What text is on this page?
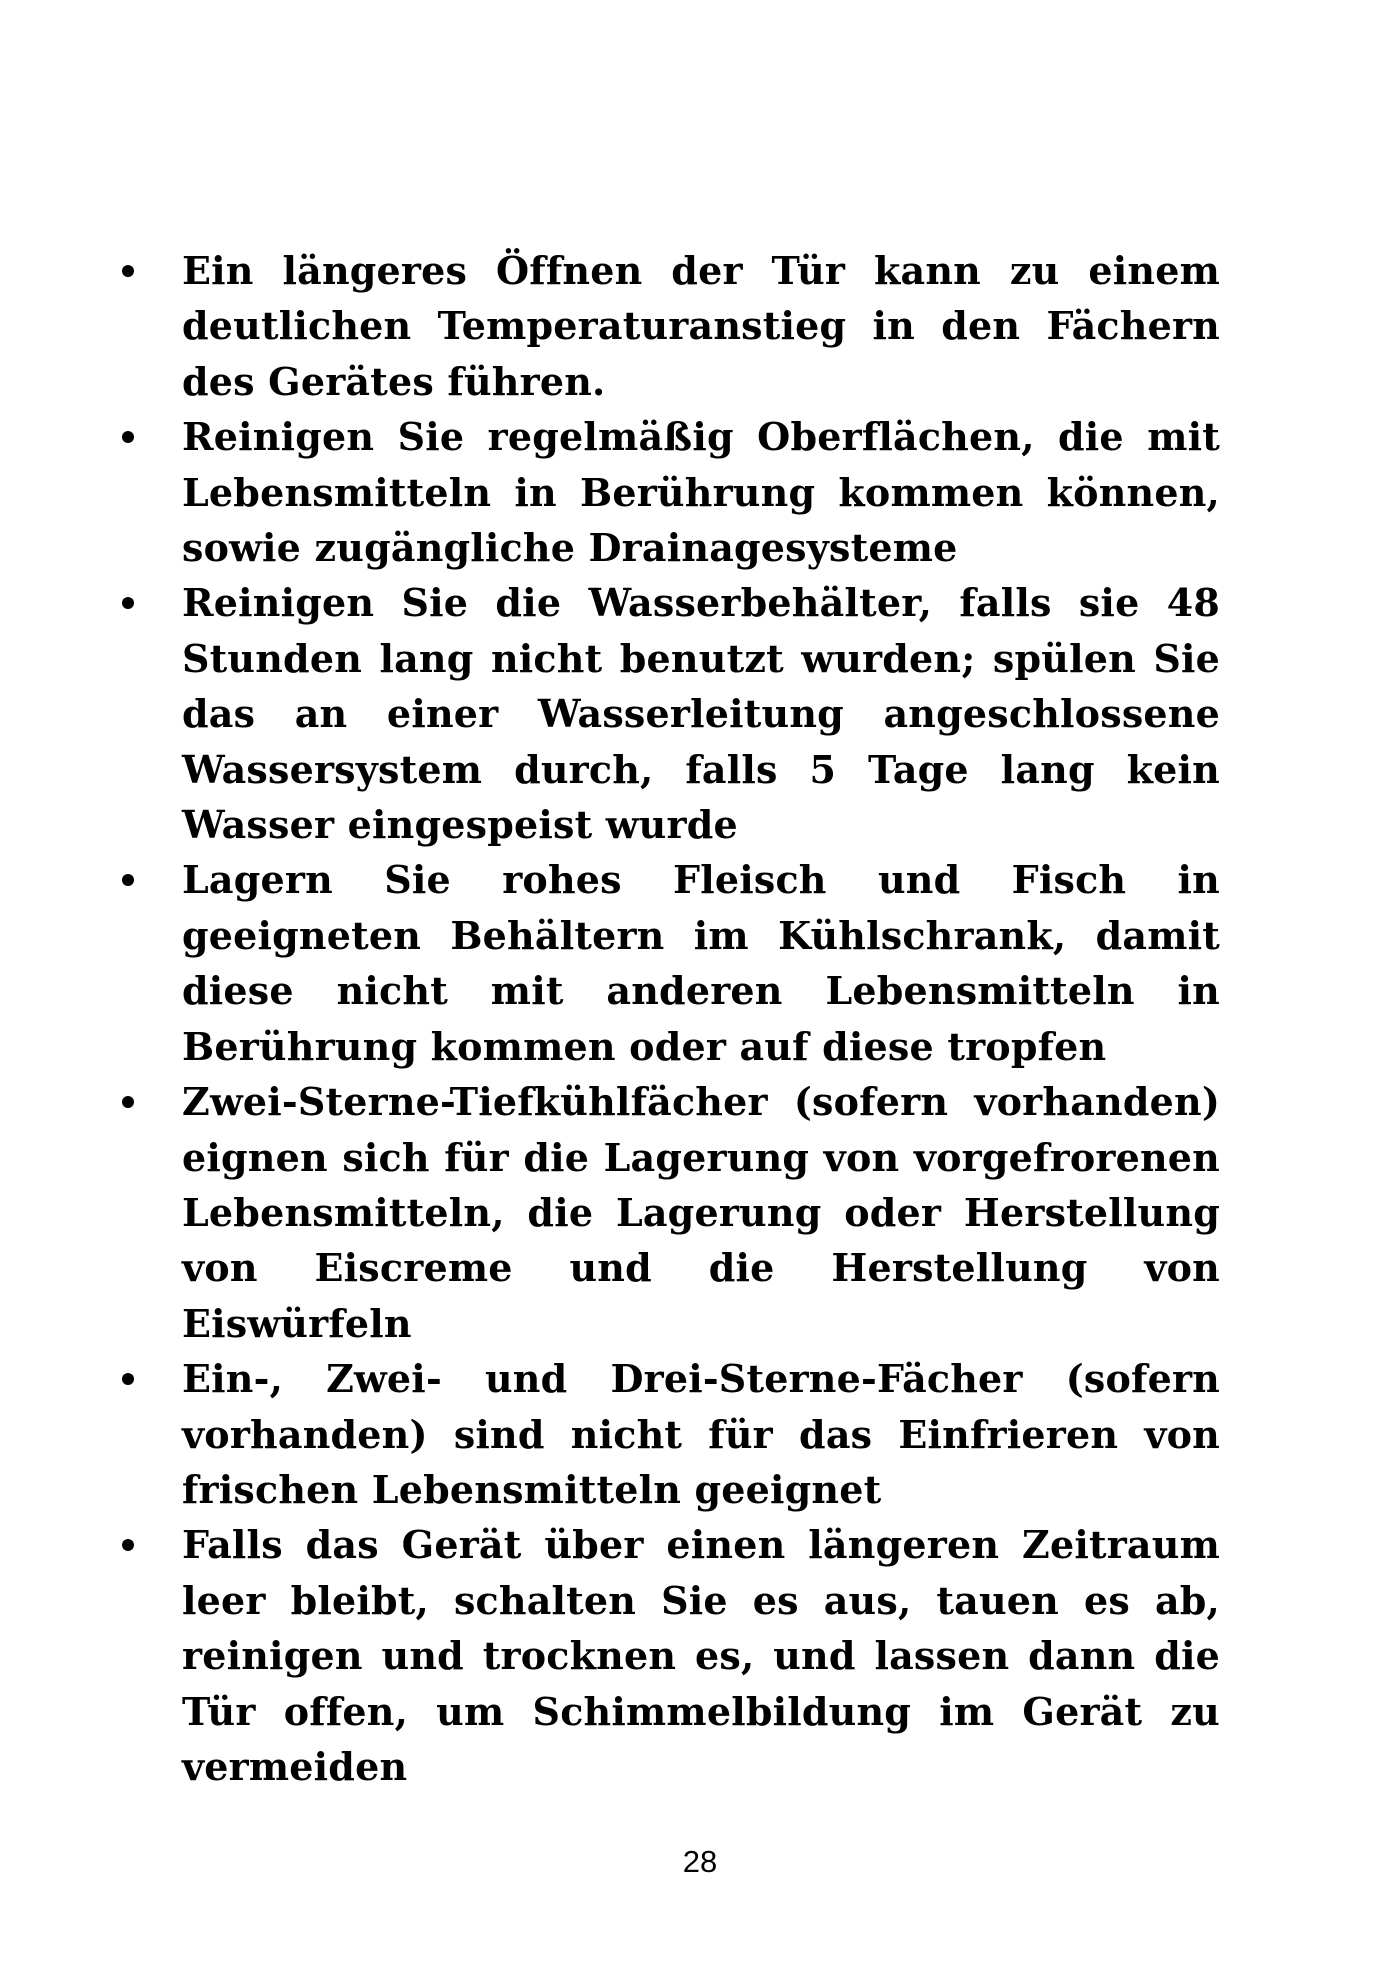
Ein längeres Öffnen der Tür kann zu einem deutlichen Temperaturanstieg in den Fächern des Gerätes führen.
Reinigen Sie regelmäßig Oberflächen, die mit Lebensmitteln in Berührung kommen können, sowie zugängliche Drainagesysteme
Reinigen Sie die Wasserbehälter, falls sie 48 Stunden lang nicht benutzt wurden; spülen Sie das an einer Wasserleitung angeschlossene Wassersystem durch, falls 5 Tage lang kein Wasser eingespeist wurde
Lagern Sie rohes Fleisch und Fisch in geeigneten Behältern im Kühlschrank, damit diese nicht mit anderen Lebensmitteln in Berührung kommen oder auf diese tropfen
Zwei-Sterne-Tiefkühlfächer (sofern vorhanden) eignen sich für die Lagerung von vorgefrorenen Lebensmitteln, die Lagerung oder Herstellung von Eiscreme und die Herstellung von Eiswürfeln
Ein-, Zwei- und Drei-Sterne-Fächer (sofern vorhanden) sind nicht für das Einfrieren von frischen Lebensmitteln geeignet
Falls das Gerät über einen längeren Zeitraum leer bleibt, schalten Sie es aus, tauen es ab, reinigen und trocknen es, und lassen dann die Tür offen, um Schimmelbildung im Gerät zu vermeiden
28
